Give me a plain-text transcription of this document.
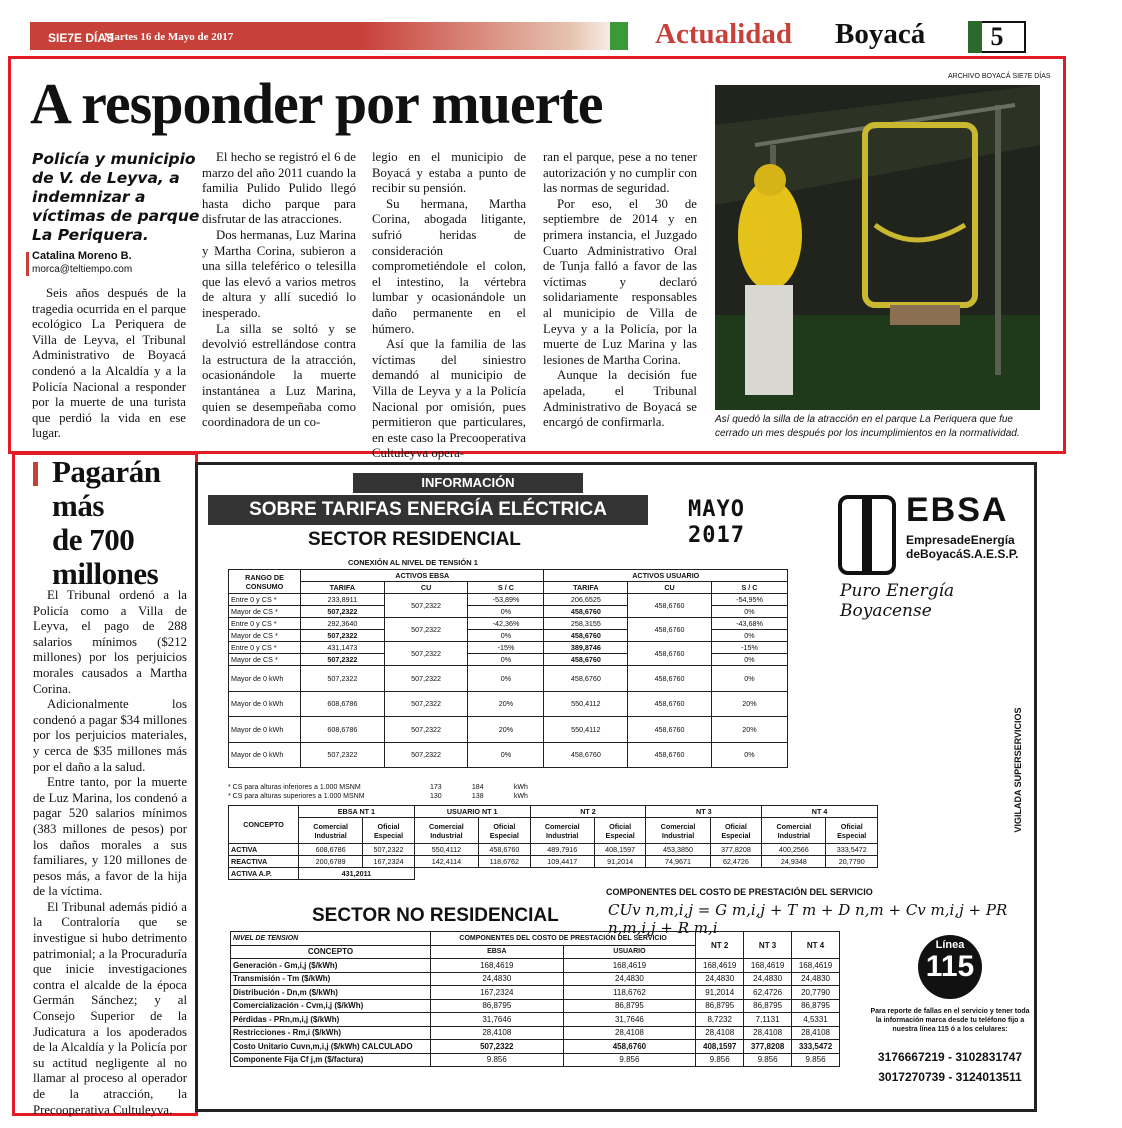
SIE7E DÍAS
Martes 16 de Mayo de 2017	Actualidad Boyacá	5
A responder por muerte
Policía y municipio de V. de Leyva, a indemnizar a víctimas de parque La Periquera.
Catalina Moreno B.
morca@teltiempo.com

Seis años después de la tragedia ocurrida en el parque ecológico La Periquera de Villa de Leyva, el Tribunal Administrativo de Boyacá condenó a la Alcaldía y a la Policía Nacional a responder por la muerte de una turista que perdió la vida en ese lugar.

El hecho se registró el 6 de marzo del año 2011 cuando la familia Pulido Pulido llegó hasta dicho parque para disfrutar de las atracciones.

Dos hermanas, Luz Marina y Martha Corina, subieron a una silla teleférico o telesilla que las elevó a varios metros de altura y allí sucedió lo inesperado.

La silla se soltó y se devolvió estrellándose contra la estructura de la atracción, ocasionándole la muerte instantánea a Luz Marina, quien se desempeñaba como coordinadora de un co-

legio en el municipio de Boyacá y estaba a punto de recibir su pensión.

Su hermana, Martha Corina, abogada litigante, sufrió heridas de consideración comprometiéndole el colon, el intestino, la vértebra lumbar y ocasionándole un daño permanente en el húmero.

Así que la familia de las víctimas del siniestro demandó al municipio de Villa de Leyva y a la Policía Nacional por omisión, pues permitieron que particulares, en este caso la Precooperativa Cultuleyva opera-

ran el parque, pese a no tener autorización y no cumplir con las normas de seguridad.

Por eso, el 30 de septiembre de 2014 y en primera instancia, el Juzgado Cuarto Administrativo Oral de Tunja falló a favor de las víctimas y declaró solidariamente responsables al municipio de Villa de Leyva y a la Policía, por la muerte de Luz Marina y las lesiones de Martha Corina.

Aunque la decisión fue apelada, el Tribunal Administrativo de Boyacá se encargó de confirmarla.

ARCHIVO BOYACÁ SIE7E DÍAS
Así quedó la silla de la atracción en el parque La Periquera que fue cerrado un mes después por los incumplimientos en la normatividad.
Pagarán
más
de 700
millones

El Tribunal ordenó a la Policía como a Villa de Leyva, el pago de 288 salarios mínimos ($212 millones) por los perjuicios morales causados a Martha Corina.

Adicionalmente los condenó a pagar $34 millones por los perjuicios materiales, y cerca de $35 millones más por el daño a la salud.

Entre tanto, por la muerte de Luz Marina, los condenó a pagar 520 salarios mínimos (383 millones de pesos) por los daños morales a sus familiares, y 120 millones de pesos más, a favor de la hija de la víctima.

El Tribunal además pidió a la Contraloría que se investigue si hubo detrimento patrimonial; a la Procuraduría que inicie investigaciones contra el alcalde de la época Germán Sánchez; y al Consejo Superior de la Judicatura a los apoderados de la Alcaldía y la Policía por su actitud negligente al no llamar al proceso al operador de la atracción, la Precooperativa Cultuleyva.

INFORMACIÓN
SOBRE TARIFAS ENERGÍA ELÉCTRICA	MAYO
2017
SECTOR RESIDENCIAL
CONEXIÓN AL NIVEL DE TENSIÓN 1
EBSA
EmpresadeEnergía
deBoyacáS.A.E.S.P.
Puro Energía Boyacense
VIGILADA SUPERSERVICIOS
RANGO DE CONSUMO	ACTIVOS EBSA			ACTIVOS USUARIO		
	TARIFA	CU	S / C	TARIFA	CU	S / C
Entre 0 y CS *	233,8911	507,2322	-53,89%	206,6525	458,6760	-54,95%
Mayor de CS *	507,2322		0%	458,6760		0%
Entre 0 y CS *	292,3640	507,2322	-42,36%	258,3155	458,6760	-43,68%
Mayor de CS *	507,2322		0%	458,6760		0%
Entre 0 y CS *	431,1473	507,2322	-15%	389,8746	458,6760	-15%
Mayor de CS *	507,2322		0%	458,6760		0%
Mayor de 0 kWh	507,2322	507,2322	0%	458,6760	458,6760	0%
Mayor de 0 kWh	608,6786	507,2322	20%	550,4112	458,6760	20%
Mayor de 0 kWh	608,6786	507,2322	20%	550,4112	458,6760	20%
Mayor de 0 kWh	507,2322	507,2322	0%	458,6760	458,6760	0%
* CS para alturas inferiores a 1.000 MSNM	173	184	kWh
* CS para alturas superiores a 1.000 MSNM	130	138	kWh
CONCEPTO	EBSA NT 1		USUARIO NT 1		NT 2		NT 3		NT 4	
	Comercial Industrial	Oficial Especial	Comercial Industrial	Oficial Especial	Comercial Industrial	Oficial Especial	Comercial Industrial	Oficial Especial	Comercial Industrial	Oficial Especial
ACTIVA	608,6786	507,2322	550,4112	458,6760	489,7916	408,1597	453,3850	377,8208	400,2566	333,5472
REACTIVA	200,6789	167,2324	142,4114	118,6762	109,4417	91,2014	74,9671	62,4726	24,9348	20,7790
ACTIVA A.P.	431,2011									
COMPONENTES DEL COSTO DE PRESTACIÓN DEL SERVICIO
CUv n,m,i,j = G m,i,j + T m + D n,m + Cv m,i,j + PR n,m,i,j + R m,i
SECTOR NO RESIDENCIAL
NIVEL DE TENSION	COMPONENTES DEL COSTO DE PRESTACIÓN DEL SERVICIO		NT 2	NT 3	NT 4
CONCEPTO	EBSA	USUARIO			
Generación - Gm,i,j ($/kWh)	168,4619	168,4619	168,4619	168,4619	168,4619
Transmisión - Tm ($/kWh)	24,4830	24,4830	24,4830	24,4830	24,4830
Distribución - Dn,m ($/kWh)	167,2324	118,6762	91,2014	62,4726	20,7790
Comercialización - Cvm,i,j ($/kWh)	86,8795	86,8795	86,8795	86,8795	86,8795
Pérdidas - PRn,m,i,j ($/kWh)	31,7646	31,7646	8,7232	7,1131	4,5331
Restricciones - Rm,i ($/kWh)	28,4108	28,4108	28,4108	28,4108	28,4108
Costo Unitario Cuvn,m,i,j ($/kWh) CALCULADO	507,2322	458,6760	408,1597	377,8208	333,5472
Componente Fija Cf j,m ($/factura)	9.856	9.856	9.856	9.856	9.856
Línea
115
Para reporte de fallas en el servicio y tener toda la información marca desde tu teléfono fijo a nuestra línea 115 ó a los celulares:
3176667219 - 3102831747
3017270739 - 3124013511
